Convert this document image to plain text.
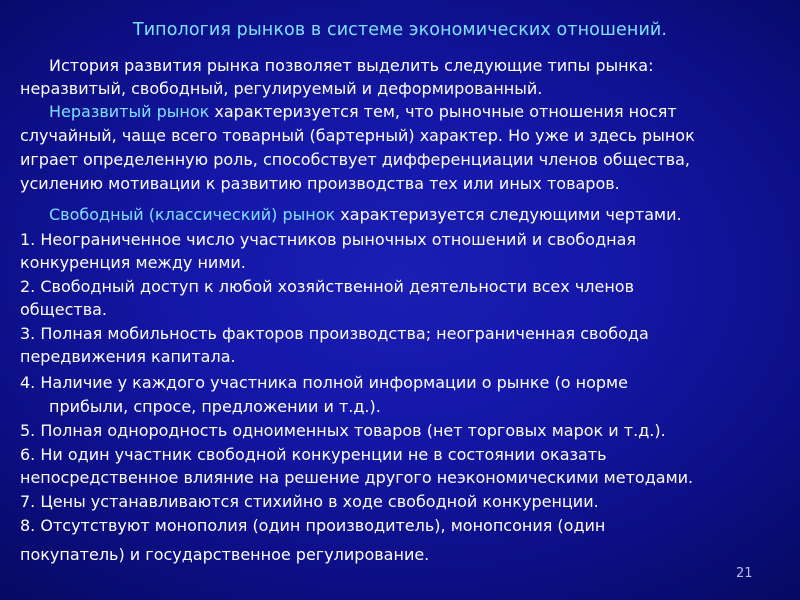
Типология рынков в системе экономических отношений.
История развития рынка позволяет выделить следующие типы рынка:
неразвитый, свободный, регулируемый и деформированный.
Неразвитый рынок характеризуется тем, что рыночные отношения носят
случайный, чаще всего товарный (бартерный) характер. Но уже и здесь рынок
играет определенную роль, способствует дифференциации членов общества,
усилению мотивации к развитию производства тех или иных товаров.
Свободный (классический) рынок характеризуется следующими чертами.
1. Неограниченное число участников рыночных отношений и свободная
конкуренция между ними.
2. Свободный доступ к любой хозяйственной деятельности всех членов
общества.
3. Полная мобильность факторов производства; неограниченная свобода
передвижения капитала.
4. Наличие у каждого участника полной информации о рынке (о норме
прибыли, спросе, предложении и т.д.).
5. Полная однородность одноименных товаров (нет торговых марок и т.д.).
6. Ни один участник свободной конкуренции не в состоянии оказать
непосредственное влияние на решение другого неэкономическими методами.
7. Цены устанавливаются стихийно в ходе свободной конкуренции.
8. Отсутствуют монополия (один производитель), монопсония (один
покупатель) и государственное регулирование.
21
